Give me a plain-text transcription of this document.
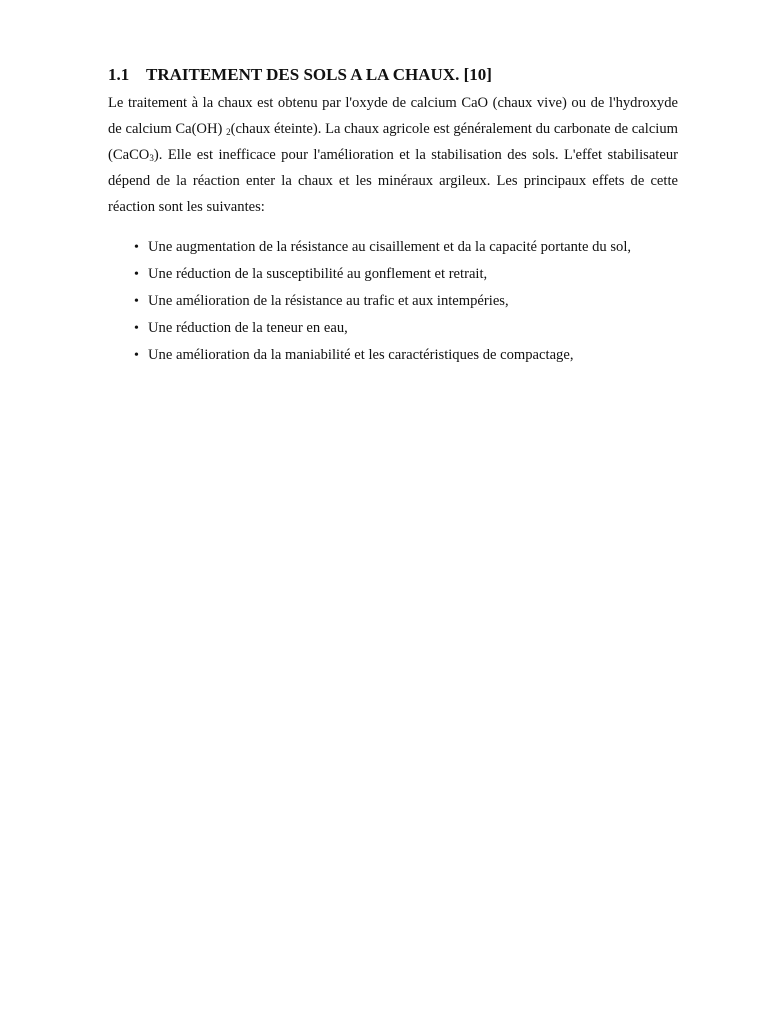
1.1 TRAITEMENT DES SOLS A LA CHAUX. [10]

Le traitement à la chaux est obtenu par l'oxyde de calcium CaO (chaux vive) ou de l'hydroxyde de calcium Ca(OH) $_2$(chaux éteinte). La chaux agricole est généralement du carbonate de calcium (CaCO$_3$). Elle est inefficace pour l'amélioration et la stabilisation des sols. L'effet stabilisateur dépend de la réaction enter la chaux et les minéraux argileux. Les principaux effets de cette réaction sont les suivantes:

• Une augmentation de la résistance au cisaillement et da la capacité portante du sol,
• Une réduction de la susceptibilité au gonflement et retrait,
• Une amélioration de la résistance au trafic et aux intempéries,
• Une réduction de la teneur en eau,
• Une amélioration da la maniabilité et les caractéristiques de compactage,
